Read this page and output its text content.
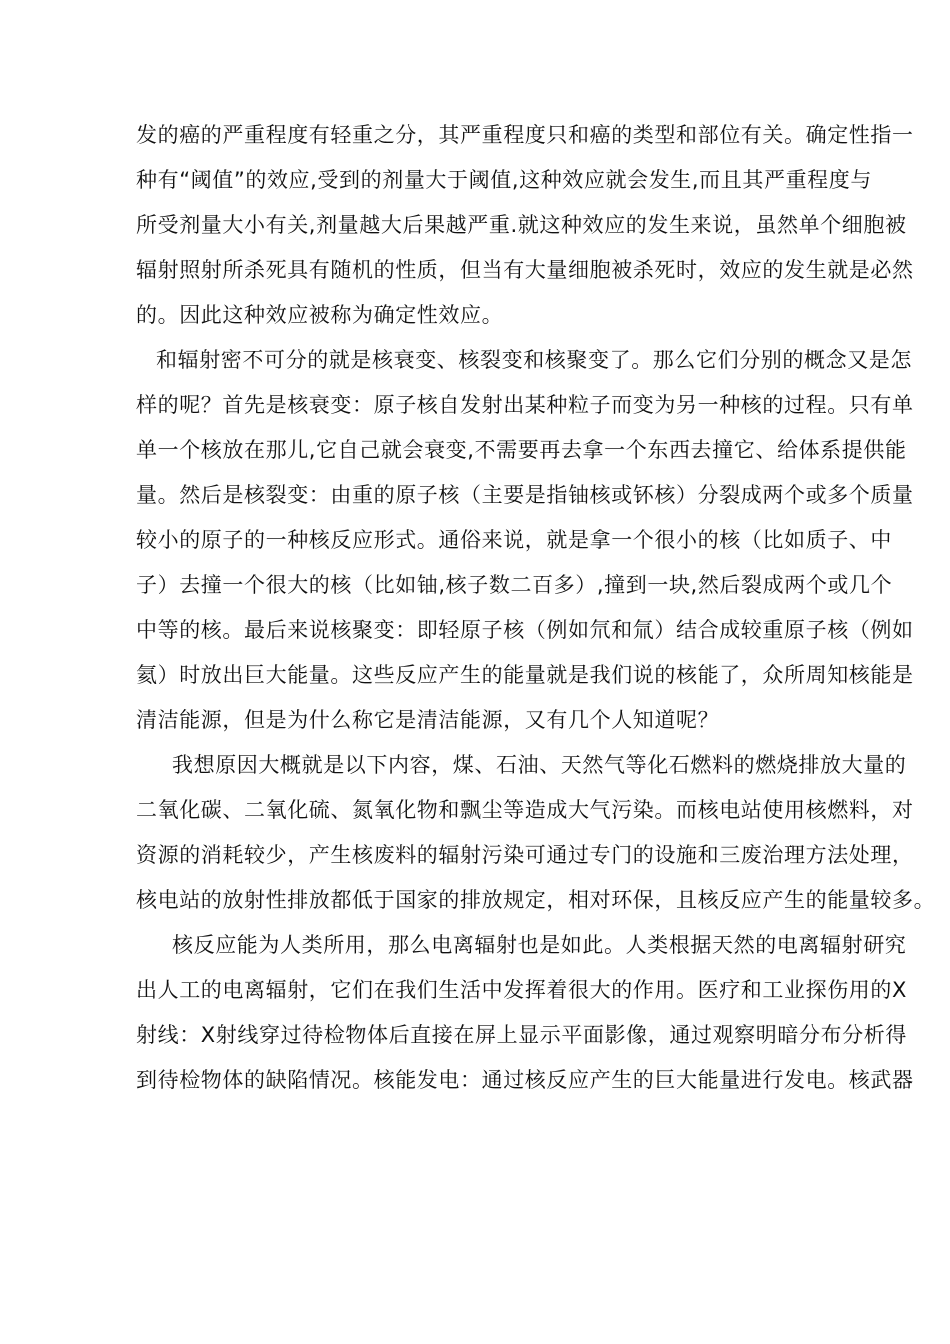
发的癌的严重程度有轻重之分，其严重程度只和癌的类型和部位有关。确定性指一
种有“阈值”的效应,受到的剂量大于阈值,这种效应就会发生,而且其严重程度与
所受剂量大小有关,剂量越大后果越严重.就这种效应的发生来说，虽然单个细胞被
辐射照射所杀死具有随机的性质，但当有大量细胞被杀死时，效应的发生就是必然
的。因此这种效应被称为确定性效应。
和辐射密不可分的就是核衰变、核裂变和核聚变了。那么它们分别的概念又是怎
样的呢？首先是核衰变：原子核自发射出某种粒子而变为另一种核的过程。只有单
单一个核放在那儿,它自己就会衰变,不需要再去拿一个东西去撞它、给体系提供能
量。然后是核裂变：由重的原子核（主要是指铀核或钚核）分裂成两个或多个质量
较小的原子的一种核反应形式。通俗来说，就是拿一个很小的核（比如质子、中
子）去撞一个很大的核（比如铀,核子数二百多）,撞到一块,然后裂成两个或几个
中等的核。最后来说核聚变：即轻原子核（例如氘和氚）结合成较重原子核（例如
氦）时放出巨大能量。这些反应产生的能量就是我们说的核能了，众所周知核能是
清洁能源，但是为什么称它是清洁能源，又有几个人知道呢？
我想原因大概就是以下内容，煤、石油、天然气等化石燃料的燃烧排放大量的
二氧化碳、二氧化硫、氮氧化物和飘尘等造成大气污染。而核电站使用核燃料，对
资源的消耗较少，产生核废料的辐射污染可通过专门的设施和三废治理方法处理，
核电站的放射性排放都低于国家的排放规定，相对环保，且核反应产生的能量较多。
核反应能为人类所用，那么电离辐射也是如此。人类根据天然的电离辐射研究
出人工的电离辐射，它们在我们生活中发挥着很大的作用。医疗和工业探伤用的X
射线：X射线穿过待检物体后直接在屏上显示平面影像，通过观察明暗分布分析得
到待检物体的缺陷情况。核能发电：通过核反应产生的巨大能量进行发电。核武器
